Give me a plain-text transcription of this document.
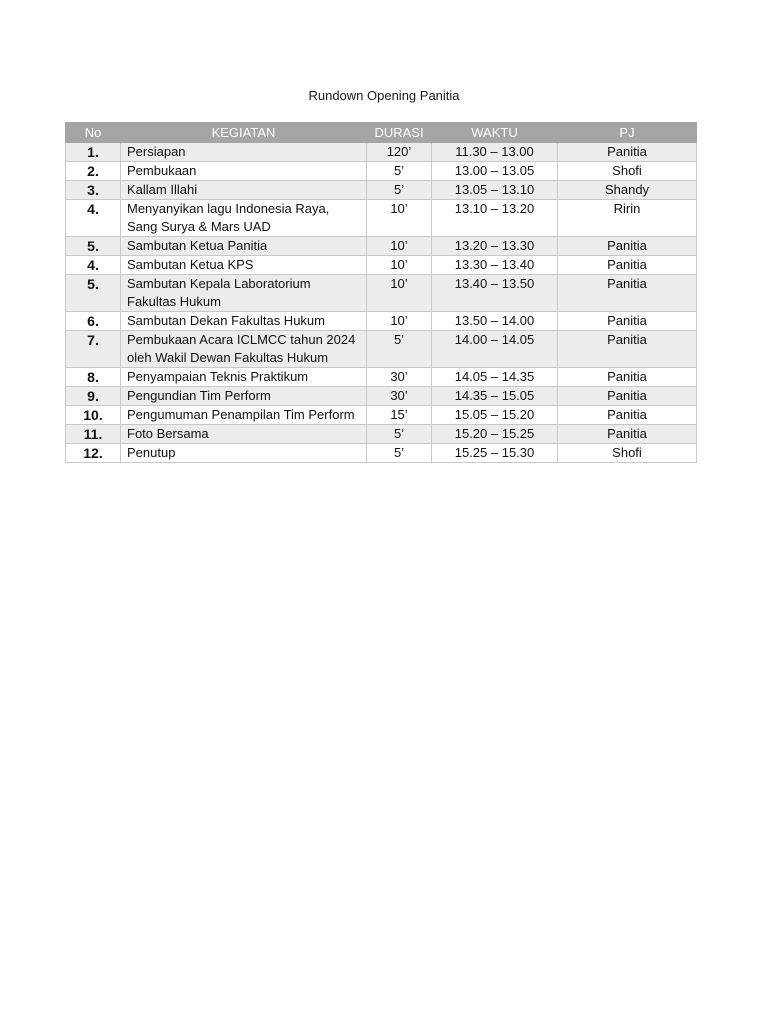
Rundown Opening Panitia
No	KEGIATAN	DURASI	WAKTU	PJ
1.	Persiapan	120’	11.30 – 13.00	Panitia
2.	Pembukaan	5’	13.00 – 13.05	Shofi
3.	Kallam Illahi	5’	13.05 – 13.10	Shandy
4.	Menyanyikan lagu Indonesia Raya, Sang Surya & Mars UAD	10’	13.10 – 13.20	Ririn
5.	Sambutan Ketua Panitia	10’	13.20 – 13.30	Panitia
4.	Sambutan Ketua KPS	10’	13.30 – 13.40	Panitia
5.	Sambutan Kepala Laboratorium Fakultas Hukum	10’	13.40 – 13.50	Panitia
6.	Sambutan Dekan Fakultas Hukum	10’	13.50 – 14.00	Panitia
7.	Pembukaan Acara ICLMCC tahun 2024 oleh Wakil Dewan Fakultas Hukum	5’	14.00 – 14.05	Panitia
8.	Penyampaian Teknis Praktikum	30’	14.05 – 14.35	Panitia
9.	Pengundian Tim Perform	30’	14.35 – 15.05	Panitia
10.	Pengumuman Penampilan Tim Perform	15’	15.05 – 15.20	Panitia
11.	Foto Bersama	5’	15.20 – 15.25	Panitia
12.	Penutup	5’	15.25 – 15.30	Shofi
